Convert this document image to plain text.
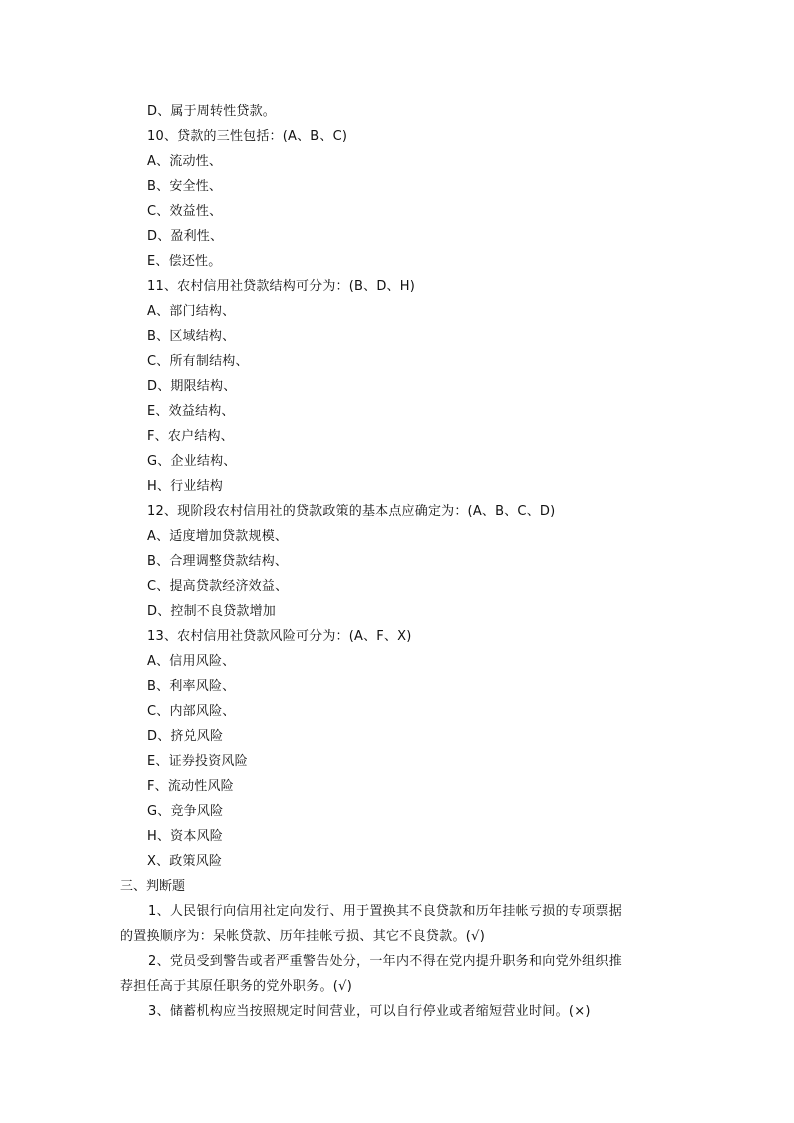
D、属于周转性贷款。
10、贷款的三性包括：(A、B、C)
A、流动性、
B、安全性、
C、效益性、
D、盈利性、
E、偿还性。
11、农村信用社贷款结构可分为：(B、D、H)
A、部门结构、
B、区域结构、
C、所有制结构、
D、期限结构、
E、效益结构、
F、农户结构、
G、企业结构、
H、行业结构
12、现阶段农村信用社的贷款政策的基本点应确定为：(A、B、C、D)
A、适度增加贷款规模、
B、合理调整贷款结构、
C、提高贷款经济效益、
D、控制不良贷款增加
13、农村信用社贷款风险可分为：(A、F、X)
A、信用风险、
B、利率风险、
C、内部风险、
D、挤兑风险
E、证券投资风险
F、流动性风险
G、竞争风险
H、资本风险
X、政策风险
三、判断题
1、人民银行向信用社定向发行、用于置换其不良贷款和历年挂帐亏损的专项票据的置换顺序为：呆帐贷款、历年挂帐亏损、其它不良贷款。(√)
2、党员受到警告或者严重警告处分，一年内不得在党内提升职务和向党外组织推荐担任高于其原任职务的党外职务。(√)
3、储蓄机构应当按照规定时间营业，可以自行停业或者缩短营业时间。(×)
